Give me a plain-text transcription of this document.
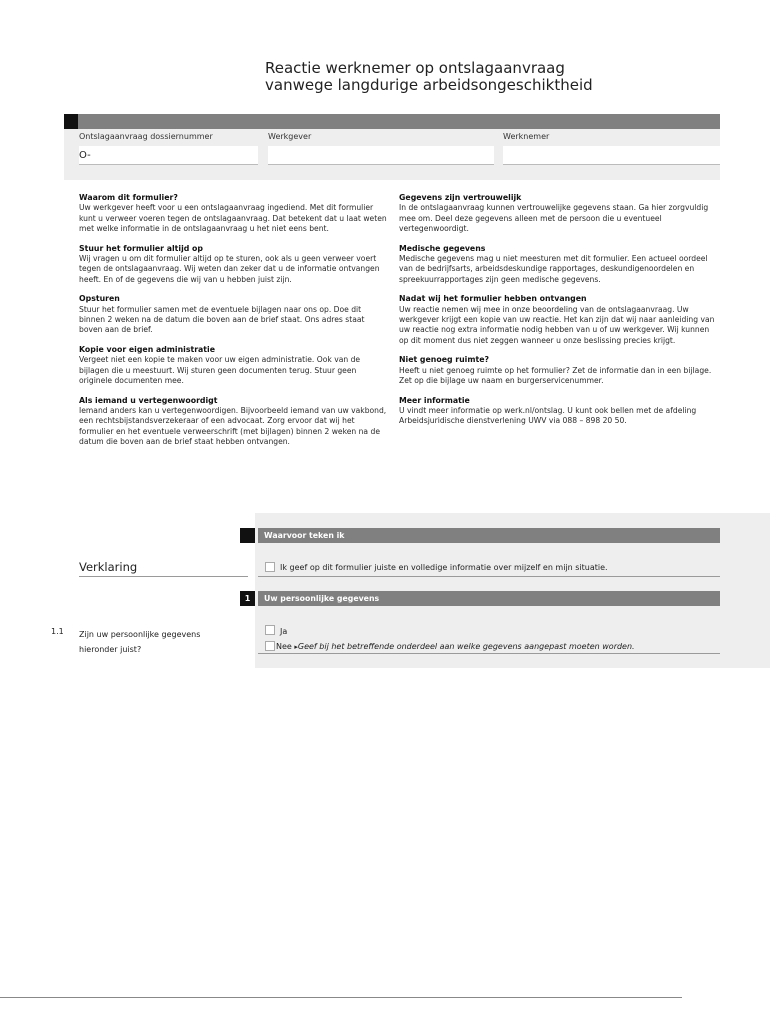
Reactie werknemer op ontslagaanvraag
vanwege langdurige arbeidsongeschiktheid
Ontslagaanvraag dossiernummer
O-
Werkgever	Werknemer
Waarom dit formulier?

Uw werkgever heeft voor u een ontslagaanvraag ingediend. Met dit formulier kunt u verweer voeren tegen de ontslagaanvraag. Dat betekent dat u laat weten met welke informatie in de ontslagaanvraag u het niet eens bent.

Stuur het formulier altijd op

Wij vragen u om dit formulier altijd op te sturen, ook als u geen verweer voert tegen de ontslagaanvraag. Wij weten dan zeker dat u de informatie ontvangen heeft. En of de gegevens die wij van u hebben juist zijn.

Opsturen

Stuur het formulier samen met de eventuele bijlagen naar ons op. Doe dit binnen 2 weken na de datum die boven aan de brief staat. Ons adres staat boven aan de brief.

Kopie voor eigen administratie

Vergeet niet een kopie te maken voor uw eigen administratie. Ook van de bijlagen die u meestuurt. Wij sturen geen documenten terug. Stuur geen originele documenten mee.

Als iemand u vertegenwoordigt

Iemand anders kan u vertegenwoordigen. Bijvoorbeeld iemand van uw vakbond, een rechtsbijstandsverzekeraar of een advocaat. Zorg ervoor dat wij het formulier en het eventuele verweerschrift (met bijlagen) binnen 2 weken na de datum die boven aan de brief staat hebben ontvangen.

Gegevens zijn vertrouwelijk

In de ontslagaanvraag kunnen vertrouwelijke gegevens staan. Ga hier zorgvuldig mee om. Deel deze gegevens alleen met de persoon die u eventueel vertegenwoordigt.

Medische gegevens

Medische gegevens mag u niet meesturen met dit formulier. Een actueel oordeel van de bedrijfsarts, arbeidsdeskundige rapportages, deskundigenoordelen en spreekuurrapportages zijn geen medische gegevens.

Nadat wij het formulier hebben ontvangen

Uw reactie nemen wij mee in onze beoordeling van de ontslagaanvraag. Uw werkgever krijgt een kopie van uw reactie. Het kan zijn dat wij naar aanleiding van uw reactie nog extra informatie nodig hebben van u of uw werkgever. Wij kunnen op dit moment dus niet zeggen wanneer u onze beslissing precies krijgt.

Niet genoeg ruimte?

Heeft u niet genoeg ruimte op het formulier? Zet de informatie dan in een bijlage. Zet op die bijlage uw naam en burgerservicenummer.

Meer informatie

U vindt meer informatie op werk.nl/ontslag. U kunt ook bellen met de afdeling Arbeidsjuridische dienstverlening UWV via 088 – 898 20 50.

Waarvoor teken ik
Verklaring	Ik geef op dit formulier juiste en volledige informatie over mijzelf en mijn situatie.
1	Uw persoonlijke gegevens
1.1 Zijn uw persoonlijke gegevens
hieronder juist?
Ja
Nee ▸Geef bij het betreffende onderdeel aan welke gegevens aangepast moeten worden.
